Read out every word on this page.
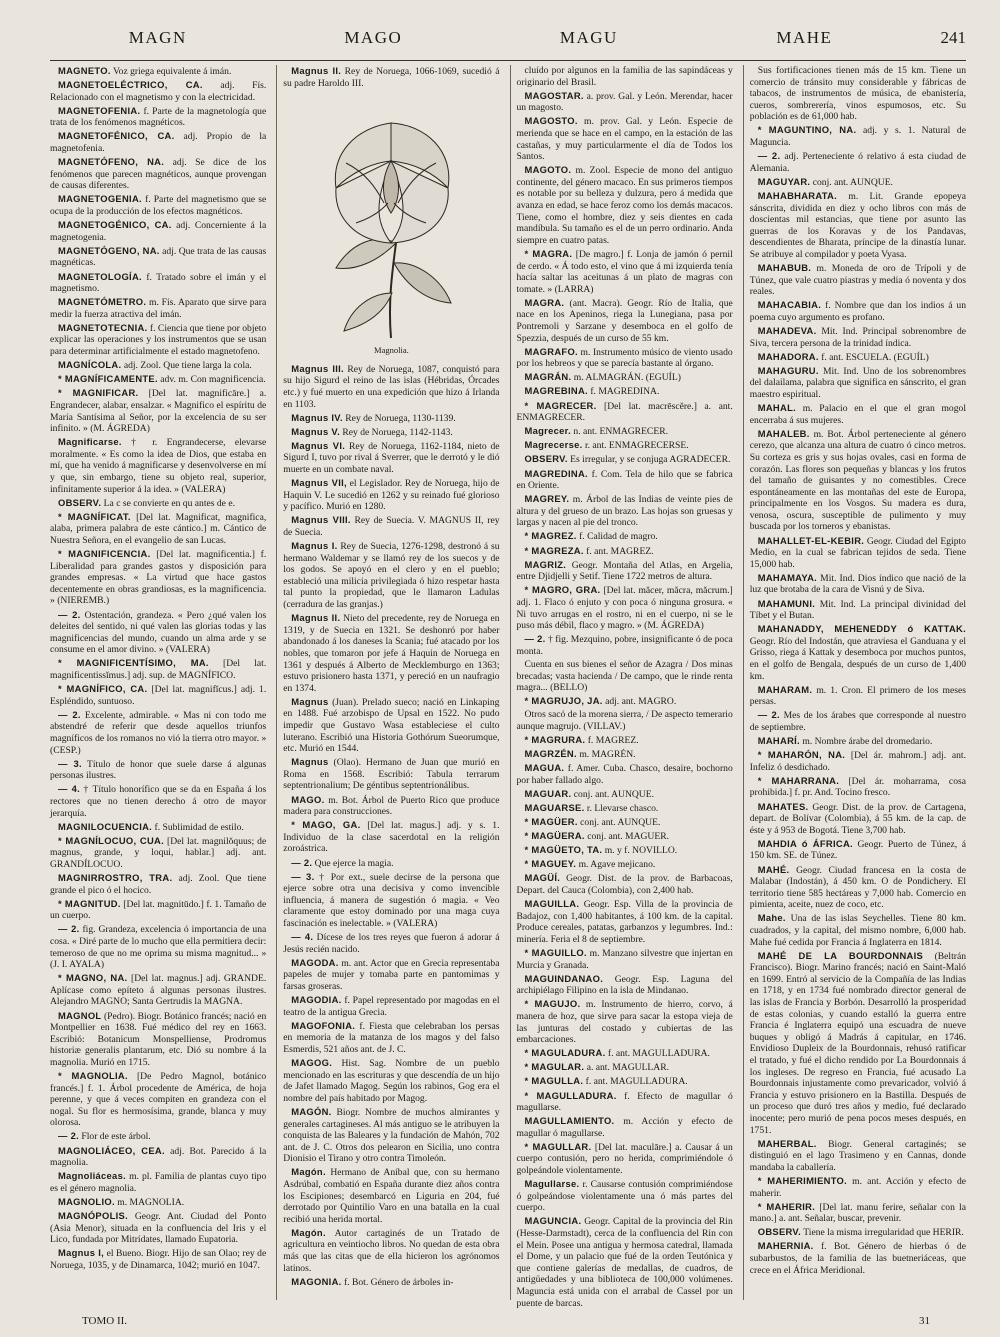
MAGN	MAGO	MAGU	MAHE	241

MAGNETO. Voz griega equivalente á imán.

MAGNETOELÉCTRICO, CA. adj. Fís. Relacionado con el magnetismo y con la electricidad.

MAGNETOFENIA. f. Parte de la magnetología que trata de los fenómenos magnéticos.

MAGNETOFÉNICO, CA. adj. Propio de la magnetofenia.

MAGNETÓFENO, NA. adj. Se dice de los fenómenos que parecen magnéticos, aunque provengan de causas diferentes.

MAGNETOGENIA. f. Parte del magnetismo que se ocupa de la producción de los efectos magnéticos.

MAGNETOGÉNICO, CA. adj. Concerniente á la magnetogenia.

MAGNETÓGENO, NA. adj. Que trata de las causas magnéticas.

MAGNETOLOGÍA. f. Tratado sobre el imán y el magnetismo.

MAGNETÓMETRO. m. Fís. Aparato que sirve para medir la fuerza atractiva del imán.

MAGNETOTECNIA. f. Ciencia que tiene por objeto explicar las operaciones y los instrumentos que se usan para determinar artificialmente el estado magnetofeno.

MAGNÍCOLA. adj. Zool. Que tiene larga la cola.

* MAGNÍFICAMENTE. adv. m. Con magnificencia.

* MAGNIFICAR. [Del lat. magnificāre.] a. Engrandecer, alabar, ensalzar. « Magnifico el espíritu de María Santísima al Señor, por la excelencia de su ser infinito. » (M. ÁGREDA)

Magnificarse. † r. Engrandecerse, elevarse moralmente. « Es como la idea de Dios, que estaba en mí, que ha venido á magnificarse y desenvolverse en mí y que, sin embargo, tiene su objeto real, superior, infinitamente superior á la idea. » (VALERA)

OBSERV. La c se convierte en qu antes de e.

* MAGNÍFICAT. [Del lat. Magnificat, magnifica, alaba, primera palabra de este cántico.] m. Cántico de Nuestra Señora, en el evangelio de san Lucas.

* MAGNIFICENCIA. [Del lat. magnificentia.] f. Liberalidad para grandes gastos y disposición para grandes empresas. « La virtud que hace gastos decentemente en obras grandiosas, es la magnificencia. » (NIEREMB.)

— 2. Ostentación, grandeza. « Pero ¿qué valen los deleites del sentido, ni qué valen las glorias todas y las magnificencias del mundo, cuando un alma arde y se consume en el amor divino. » (VALERA)

* MAGNIFICENTÍSIMO, MA. [Del lat. magnificentissĭmus.] adj. sup. de MAGNÍFICO.

* MAGNÍFICO, CA. [Del lat. magnifĭcus.] adj. 1. Espléndido, suntuoso.

— 2. Excelente, admirable. « Mas ni con todo me abstendré de referir que desde aquellos triunfos magníficos de los romanos no vió la tierra otro mayor. » (CESP.)

— 3. Título de honor que suele darse á algunas personas ilustres.

— 4. † Título honorífico que se da en España á los rectores que no tienen derecho á otro de mayor jerarquía.

MAGNILOCUENCIA. f. Sublimidad de estilo.

* MAGNÍLOCUO, CUA. [Del lat. magnilŏquus; de magnus, grande, y loqui, hablar.] adj. ant. GRANDÍLOCUO.

MAGNIRROSTRO, TRA. adj. Zool. Que tiene grande el pico ó el hocico.

* MAGNITUD. [Del lat. magnitūdo.] f. 1. Tamaño de un cuerpo.

— 2. fig. Grandeza, excelencia ó importancia de una cosa. « Diré parte de lo mucho que ella permitiera decir: temeroso de que no me oprima su misma magnitud... » (J. I. AYALA)

* MAGNO, NA. [Del lat. magnus.] adj. GRANDE. Aplícase como epíteto á algunas personas ilustres. Alejandro MAGNO; Santa Gertrudis la MAGNA.

MAGNOL (Pedro). Biogr. Botánico francés; nació en Montpellier en 1638. Fué médico del rey en 1663. Escribió: Botanicum Monspelliense, Prodromus historiæ generalis plantarum, etc. Dió su nombre á la magnolia. Murió en 1715.

* MAGNOLIA. [De Pedro Magnol, botánico francés.] f. 1. Árbol procedente de América, de hoja perenne, y que á veces compiten en grandeza con el nogal. Su flor es hermosísima, grande, blanca y muy olorosa.

— 2. Flor de este árbol.

MAGNOLIÁCEO, CEA. adj. Bot. Parecido á la magnolia.

Magnoliáceas. m. pl. Familia de plantas cuyo tipo es el género magnolia.

MAGNOLIO. m. MAGNOLIA.

MAGNÓPOLIS. Geogr. Ant. Ciudad del Ponto (Asia Menor), situada en la confluencia del Iris y el Lico, fundada por Mitrídates, llamado Eupatoria.

Magnus I, el Bueno. Biogr. Hijo de san Olao; rey de Noruega, 1035, y de Dinamarca, 1042; murió en 1047.

Magnus II. Rey de Noruega, 1066-1069, sucedió á su padre Haroldo III.

Magnolia.

Magnus III. Rey de Noruega, 1087, conquistó para su hijo Sigurd el reino de las islas (Hébridas, Órcades etc.) y fué muerto en una expedición que hizo á Irlanda en 1103.

Magnus IV. Rey de Noruega, 1130-1139.

Magnus V. Rey de Noruega, 1142-1143.

Magnus VI. Rey de Noruega, 1162-1184, nieto de Sigurd I, tuvo por rival á Sverrer, que le derrotó y le dió muerte en un combate naval.

Magnus VII, el Legislador. Rey de Noruega, hijo de Haquin V. Le sucedió en 1262 y su reinado fué glorioso y pacífico. Murió en 1280.

Magnus VIII. Rey de Suecia. V. MAGNUS II, rey de Suecia.

Magnus I. Rey de Suecia, 1276-1298, destronó á su hermano Waldemar y se llamó rey de los suecos y de los godos. Se apoyó en el clero y en el pueblo; estableció una milicia privilegiada ó hizo respetar hasta tal punto la propiedad, que le llamaron Ladulas (cerradura de las granjas.)

Magnus II. Nieto del precedente, rey de Noruega en 1319, y de Suecia en 1321. Se deshonró por haber abandonado á los daneses la Scania; fué atacado por los nobles, que tomaron por jefe á Haquin de Noruega en 1361 y después á Alberto de Mecklemburgo en 1363; estuvo prisionero hasta 1371, y pereció en un naufragio en 1374.

Magnus (Juan). Prelado sueco; nació en Linkaping en 1488. Fué arzobispo de Upsal en 1522. No pudo impedir que Gustavo Wasa estableciese el culto luterano. Escribió una Historia Gothórum Sueorumque, etc. Murió en 1544.

Magnus (Olao). Hermano de Juan que murió en Roma en 1568. Escribió: Tabula terrarum septentrionalium; De géntibus septentrionálibus.

MAGO. m. Bot. Árbol de Puerto Rico que produce madera para construcciones.

* MAGO, GA. [Del lat. magus.] adj. y s. 1. Individuo de la clase sacerdotal en la religión zoroástrica.

— 2. Que ejerce la magia.

— 3. † Por ext., suele decirse de la persona que ejerce sobre otra una decisiva y como invencible influencia, á manera de sugestión ó magia. « Veo claramente que estoy dominado por una maga cuya fascinación es inelectable. » (VALERA)

— 4. Dícese de los tres reyes que fueron á adorar á Jesús recién nacido.

MAGODA. m. ant. Actor que en Grecia representaba papeles de mujer y tomaba parte en pantomimas y farsas groseras.

MAGODIA. f. Papel representado por magodas en el teatro de la antigua Grecia.

MAGOFONIA. f. Fiesta que celebraban los persas en memoria de la matanza de los magos y del falso Esmerdis, 521 años ant. de J. C.

MAGOG. Hist. Sag. Nombre de un pueblo mencionado en las escrituras y que descendía de un hijo de Jafet llamado Magog. Según los rabinos, Gog era el nombre del país habitado por Magog.

MAGÓN. Biogr. Nombre de muchos almirantes y generales cartagineses. Al más antiguo se le atribuyen la conquista de las Baleares y la fundación de Mahón, 702 ant. de J. C. Otros dos pelearon en Sicilia, uno contra Dionisio el Tirano y otro contra Timoleón.

Magón. Hermano de Aníbal que, con su hermano Asdrúbal, combatió en España durante diez años contra los Escipiones; desembarcó en Liguria en 204, fué derrotado por Quintilio Varo en una batalla en la cual recibió una herida mortal.

Magón. Autor cartaginés de un Tratado de agricultura en veintiocho libros. No quedan de esta obra más que las citas que de ella hicieron los agrónomos latinos.

MAGONIA. f. Bot. Género de árboles in-

cluído por algunos en la familia de las sapindáceas y originario del Brasil.

MAGOSTAR. a. prov. Gal. y León. Merendar, hacer un magosto.

MAGOSTO. m. prov. Gal. y León. Especie de merienda que se hace en el campo, en la estación de las castañas, y muy particularmente el día de Todos los Santos.

MAGOTO. m. Zool. Especie de mono del antiguo continente, del género macaco. En sus primeros tiempos es notable por su belleza y dulzura, pero á medida que avanza en edad, se hace feroz como los demás macacos. Tiene, como el hombre, diez y seis dientes en cada mandíbula. Su tamaño es el de un perro ordinario. Anda siempre en cuatro patas.

* MAGRA. [De magro.] f. Lonja de jamón ó pernil de cerdo. « Á todo esto, el vino que á mi izquierda tenía hacía saltar las aceitunas á un plato de magras con tomate. » (LARRA)

MAGRA. (ant. Macra). Geogr. Río de Italia, que nace en los Apeninos, riega la Lunegiana, pasa por Pontremoli y Sarzane y desemboca en el golfo de Spezzia, después de un curso de 55 km.

MAGRAFO. m. Instrumento músico de viento usado por los hebreos y que se parecía bastante al órgano.

MAGRÁN. m. ALMAGRÁN. (EGUÍL)

MAGREBINA. f. MAGREDINA.

* MAGRECER. [Del lat. macrēscĕre.] a. ant. ENMAGRECER.

Magrecer. n. ant. ENMAGRECER.

Magrecerse. r. ant. ENMAGRECERSE.

OBSERV. Es irregular, y se conjuga AGRADECER.

MAGREDINA. f. Com. Tela de hilo que se fabrica en Oriente.

MAGREY. m. Árbol de las Indias de veinte pies de altura y del grueso de un brazo. Las hojas son gruesas y largas y nacen al pie del tronco.

* MAGREZ. f. Calidad de magro.

* MAGREZA. f. ant. MAGREZ.

MAGRIZ. Geogr. Montaña del Atlas, en Argelia, entre Djidjelli y Setif. Tiene 1722 metros de altura.

* MAGRO, GRA. [Del lat. măcer, măcra, măcrum.] adj. 1. Flaco ó enjuto y con poca ó ninguna grosura. « Ni tuvo arrugas en el rostro, ni en el cuerpo, ni se le puso más débil, flaco y magro. » (M. ÁGREDA)

— 2. † fig. Mezquino, pobre, insignificante ó de poca monta.

Cuenta en sus bienes el señor de Azagra / Dos minas brecadas; vasta hacienda / De campo, que le rinde renta magra... (BELLO)

* MAGRUJO, JA. adj. ant. MAGRO.

Otros sacó de la morena sierra, / De aspecto temerario aunque magrujo. (VILLAV.)

* MAGRURA. f. MAGREZ.

MAGRZÉN. m. MAGRÉN.

MAGUA. f. Amer. Cuba. Chasco, desaire, bochorno por haber fallado algo.

MAGUAR. conj. ant. AUNQUE.

MAGUARSE. r. Llevarse chasco.

* MAGÜER. conj. ant. AUNQUE.

* MAGÜERA. conj. ant. MAGUER.

* MAGÜETO, TA. m. y f. NOVILLO.

* MAGUEY. m. Agave mejicano.

MAGÜÍ. Geogr. Dist. de la prov. de Barbacoas, Depart. del Cauca (Colombia), con 2,400 hab.

MAGUILLA. Geogr. Esp. Villa de la provincia de Badajoz, con 1,400 habitantes, á 100 km. de la capital. Produce cereales, patatas, garbanzos y legumbres. Ind.: minería. Feria el 8 de septiembre.

* MAGUILLO. m. Manzano silvestre que injertan en Murcia y Granada.

MAGUINDANAO. Geogr. Esp. Laguna del archipiélago Filipino en la isla de Mindanao.

* MAGUJO. m. Instrumento de hierro, corvo, á manera de hoz, que sirve para sacar la estopa vieja de las junturas del costado y cubiertas de las embarcaciones.

* MAGULADURA. f. ant. MAGULLADURA.

* MAGULAR. a. ant. MAGULLAR.

* MAGULLA. f. ant. MAGULLADURA.

* MAGULLADURA. f. Efecto de magullar ó magullarse.

MAGULLAMIENTO. m. Acción y efecto de magullar ó magullarse.

* MAGULLAR. [Del lat. maculāre.] a. Causar á un cuerpo contusión, pero no herida, comprimiéndole ó golpeándole violentamente.

Magullarse. r. Causarse contusión comprimiéndose ó golpeándose violentamente una ó más partes del cuerpo.

MAGUNCIA. Geogr. Capital de la provincia del Rin (Hesse-Darmstadt), cerca de la confluencia del Rin con el Mein. Posee una antigua y hermosa catedral, llamada el Dome, y un palacio que fué de la orden Teutónica y que contiene galerías de medallas, de cuadros, de antigüedades y una biblioteca de 100,000 volúmenes. Maguncia está unida con el arrabal de Cassel por un puente de barcas.

Sus fortificaciones tienen más de 15 km. Tiene un comercio de tránsito muy considerable y fábricas de tabacos, de instrumentos de música, de ebanistería, cueros, sombrerería, vinos espumosos, etc. Su población es de 61,000 hab.

* MAGUNTINO, NA. adj. y s. 1. Natural de Maguncia.

— 2. adj. Perteneciente ó relativo á esta ciudad de Alemania.

MAGUYAR. conj. ant. AUNQUE.

MAHABHARATA. m. Lit. Grande epopeya sánscrita, dividida en diez y ocho libros con más de doscientas mil estancias, que tiene por asunto las guerras de los Koravas y de los Pandavas, descendientes de Bharata, príncipe de la dinastía lunar. Se atribuye al compilador y poeta Vyasa.

MAHABUB. m. Moneda de oro de Trípoli y de Túnez, que vale cuatro piastras y media ó noventa y dos reales.

MAHACABIA. f. Nombre que dan los indios á un poema cuyo argumento es profano.

MAHADEVA. Mit. Ind. Principal sobrenombre de Siva, tercera persona de la trinidad índica.

MAHADORA. f. ant. ESCUELA. (EGUÍL)

MAHAGURU. Mit. Ind. Uno de los sobrenombres del dalailama, palabra que significa en sánscrito, el gran maestro espiritual.

MAHAL. m. Palacio en el que el gran mogol encerraba á sus mujeres.

MAHALEB. m. Bot. Árbol perteneciente al género cerezo, que alcanza una altura de cuatro ó cinco metros. Su corteza es gris y sus hojas ovales, casi en forma de corazón. Las flores son pequeñas y blancas y los frutos del tamaño de guisantes y no comestibles. Crece espontáneamente en las montañas del este de Europa, principalmente en los Vosgos. Su madera es dura, venosa, oscura, susceptible de pulimento y muy buscada por los torneros y ebanistas.

MAHALLET-EL-KEBIR. Geogr. Ciudad del Egipto Medio, en la cual se fabrican tejidos de seda. Tiene 15,000 hab.

MAHAMAYA. Mit. Ind. Dios índico que nació de la luz que brotaba de la cara de Visnú y de Siva.

MAHAMUNI. Mit. Ind. La principal divinidad del Tíbet y el Butan.

MAHANADDY, MEHENEDDY ó KATTAK. Geogr. Río del Indostán, que atraviesa el Ganduana y el Grisso, riega á Kattak y desemboca por muchos puntos, en el golfo de Bengala, después de un curso de 1,400 km.

MAHARAM. m. 1. Cron. El primero de los meses persas.

— 2. Mes de los árabes que corresponde al nuestro de septiembre.

MAHARÍ. m. Nombre árabe del dromedario.

* MAHARÓN, NA. [Del ár. mahrom.] adj. ant. Infeliz ó desdichado.

* MAHARRANA. [Del ár. moharrama, cosa prohibida.] f. pr. And. Tocino fresco.

MAHATES. Geogr. Dist. de la prov. de Cartagena, depart. de Bolívar (Colombia), á 55 km. de la cap. de éste y á 953 de Bogotá. Tiene 3,700 hab.

MAHDIA ó ÁFRICA. Geogr. Puerto de Túnez, á 150 km. SE. de Túnez.

MAHÉ. Geogr. Ciudad francesa en la costa de Malabar (Indostán), á 450 km. O de Pondichery. El territorio tiene 585 hectáreas y 7,000 hab. Comercio en pimienta, aceite, nuez de coco, etc.

Mahe. Una de las islas Seychelles. Tiene 80 km. cuadrados, y la capital, del mismo nombre, 6,000 hab. Mahe fué cedida por Francia á Inglaterra en 1814.

MAHÉ DE LA BOURDONNAIS (Beltrán Francisco). Biogr. Marino francés; nació en Saint-Maló en 1699. Entró al servicio de la Compañía de las Indias en 1718, y en 1734 fué nombrado director general de las islas de Francia y Borbón. Desarrolló la prosperidad de estas colonias, y cuando estalló la guerra entre Francia é Inglaterra equipó una escuadra de nueve buques y obligó á Madrás á capitular, en 1746. Envidioso Dupleix de la Bourdonnais, rehusó ratificar el tratado, y fué el dicho rendido por La Bourdonnais á los ingleses. De regreso en Francia, fué acusado La Bourdonnais injustamente como prevaricador, volvió á Francia y estuvo prisionero en la Bastilla. Después de un proceso que duró tres años y medio, fué declarado inocente; pero murió de pena pocos meses después, en 1751.

MAHERBAL. Biogr. General cartaginés; se distinguió en el lago Trasimeno y en Cannas, donde mandaba la caballería.

* MAHERIMIENTO. m. ant. Acción y efecto de maherir.

* MAHERIR. [Del lat. manu ferire, señalar con la mano.] a. ant. Señalar, buscar, prevenir.

OBSERV. Tiene la misma irregularidad que HERIR.

MAHERNIA. f. Bot. Género de hierbas ó de subarbustos, de la familia de las buetneriáceas, que crece en el África Meridional.

TOMO II.	31
